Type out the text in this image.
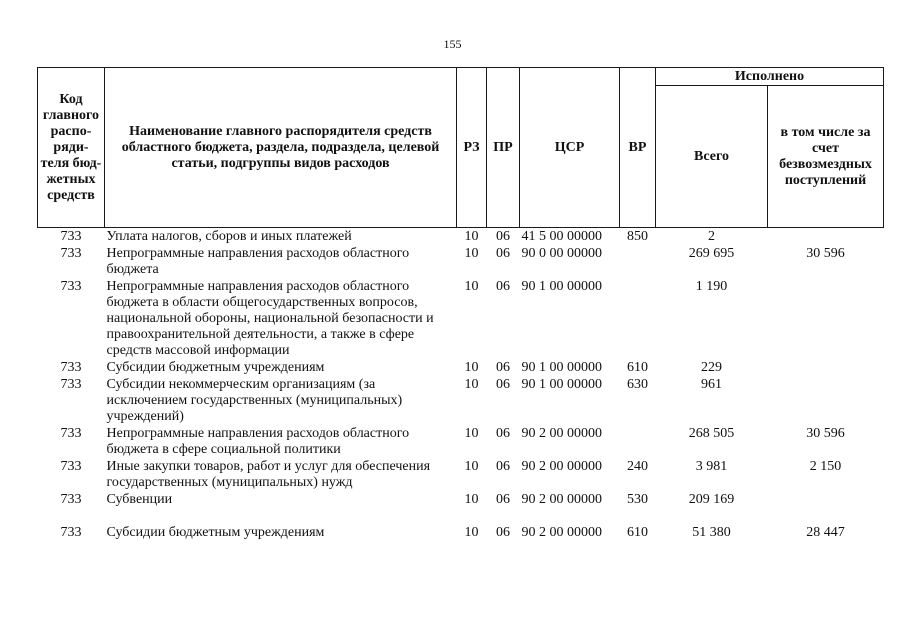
155
Код главного распо-ряди-теля бюд-жетных средств	Наименование главного распорядителя средств областного бюджета, раздела, подраздела, целевой статьи, подгруппы видов расходов	РЗ	ПР	ЦСР	ВР	Исполнено	
						Всего	в том числе за счет безвозмездных поступлений
733	Уплата налогов, сборов и иных платежей	10	06	41 5 00 00000	850	2	
733	Непрограммные направления расходов областного бюджета	10	06	90 0 00 00000		269 695	30 596
733	Непрограммные направления расходов областного бюджета в области общегосударственных вопросов, национальной обороны, национальной безопасности и правоохранительной деятельности, а также в сфере средств массовой информации	10	06	90 1 00 00000		1 190	
733	Субсидии бюджетным учреждениям	10	06	90 1 00 00000	610	229	
733	Субсидии некоммерческим организациям (за исключением государственных (муниципальных) учреждений)	10	06	90 1 00 00000	630	961	
733	Непрограммные направления расходов областного бюджета в сфере социальной политики	10	06	90 2 00 00000		268 505	30 596
733	Иные закупки товаров, работ и услуг для обеспечения государственных (муниципальных) нужд	10	06	90 2 00 00000	240	3 981	2 150
733	Субвенции	10	06	90 2 00 00000	530	209 169	
733	Субсидии бюджетным учреждениям	10	06	90 2 00 00000	610	51 380	28 447
